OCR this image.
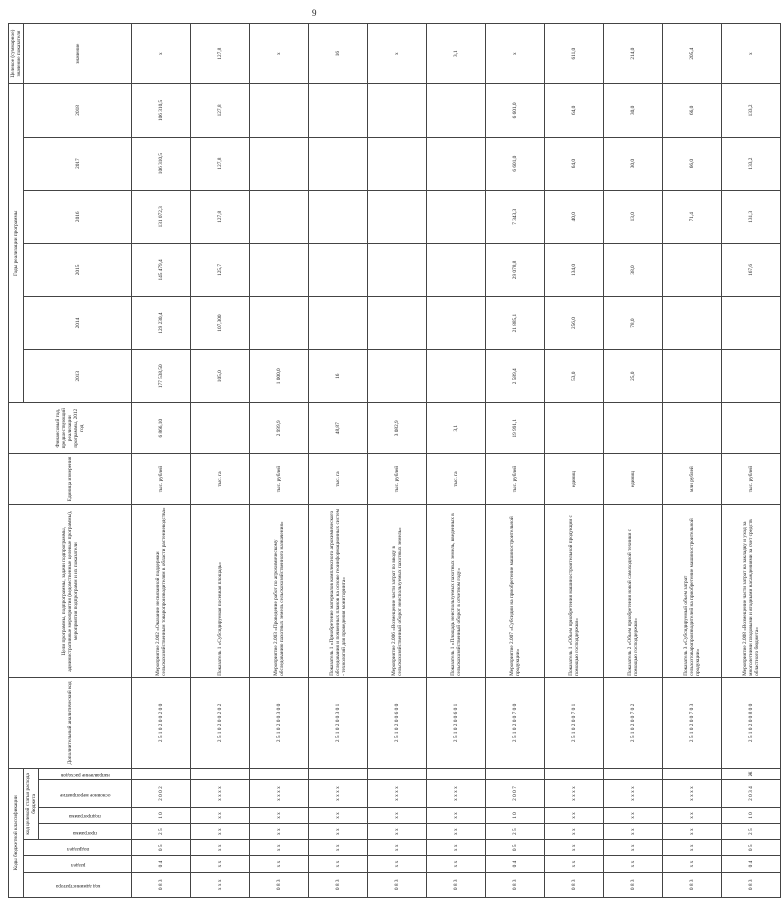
9
Коды бюджетной классификации							Дополнительный аналитический код	Цели программы, подпрограммы, задачи подпрограммы, административные мероприятия (ведомственные целевые программы), мероприятия подпрограмм и их показатели	Единица измерения	Финансовый год, предшествующий реализации программы, 2012 год	Годы реализации программы						Целевое (суммарное) значение показателя

код администратора	раздел	подраздел	код целевой статьи расхода бюджета								2013	2014	2015	2016	2017	2018	значение

			программа	подпрограмма	основное мероприятие	направление расходов											

0 8 3	0 4	0 5	2 5	1 0	2 0 0 2		2 5 1 0 2 0 0 2 0 0	Мероприятие 2.002 «Оказание несвязанной поддержки сельскохозяйственным товаропроизводителям в области растениеводства»	тыс. рублей	6 866,10	177 538,50	129 230,4	145 479,4	131 072,3	106 310,5	106 310,5	х
х х х	х х	х х	х х	х х	х х х х		2 5 1 0 2 0 0 2 0 2	Показатель 1 «Субсидируемая посевная площадь»	тыс. га		105,0	107,300	125,7	127,8	127,8	127,8	127,8
0 8 3	х х	х х	х х	х х	х х х х		2 5 1 0 2 0 0 3 0 0	Мероприятие 2.003 «Проведение работ по агрохимическому обследованию пахотных земель сельскохозяйственного назначения»	тыс. рублей	2 999,9	1 000,0						х
0 8 3	х х	х х	х х	х х	х х х х		2 5 1 0 2 0 0 3 0 1	Показатель 1 «Приобретение материалов комплексного агрохимического обследования и почвенных планов на основе геоинформационных систем - технологий для проведения мониторинга»	тыс. га	48,87	16						16
0 8 3	х х	х х	х х	х х	х х х х		2 5 1 0 2 0 0 6 0 0	Мероприятие 2.006 «Возмещение части затрат по вводу в сельскохозяйственный оборот неиспользуемых пахотных земель»	тыс. рублей	3 082,9							х
0 8 3	х х	х х	х х	х х	х х х х		2 5 1 0 2 0 0 6 0 1	Показатель 1 «Площадь неиспользуемых пахотных земель, введенных в сельскохозяйственный оборот в отчетном году»	тыс. га	3,1							3,1
0 8 3	0 4	0 5	2 5	1 0	2 0 0 7		2 5 1 0 2 0 0 7 0 0	Мероприятие 2.007 «Субсидии на приобретение машиностроительной продукции»	тыс. рублей	19 991,1	2 589,4	21 885,1	29 078,8	7 343,3	6 601,0	6 601,0	х
0 8 3	х х	х х	х х	х х	х х х х		2 5 1 0 2 0 0 7 0 1	Показатель 1 «Объем приобретения машиностроительной продукции с помощью господдержки»	единиц		53,0	256,0	134,0	40,0	64,0	64,0	611,0
0 8 3	х х	х х	х х	х х	х х х х		2 5 1 0 2 0 0 7 0 2	Показатель 2 «Объем приобретения новой самоходной техники с помощью господдержки»	единиц		25,0	78,0	38,0	13,0	30,0	30,0	214,0
0 8 3	х х	х х	х х	х х	х х х х		2 5 1 0 2 0 0 7 0 3	Показатель 3 «Субсидируемый объем затрат сельхозтоваропроизводителей на приобретение машиностроительной продукции»	млн рублей					71,4	66,0	66,0	205,4
0 8 3	0 4	0 5	2 5	1 0	2 0 3 4	Ж	2 5 1 0 2 0 0 8 0 0	Мероприятие 2.008 «Возмещение части затрат на закладку и уход за многолетними плодовыми и ягодными насаждениями за счет средств областного бюджета»	тыс. рублей				167,6	131,3	133,2	133,2	х
